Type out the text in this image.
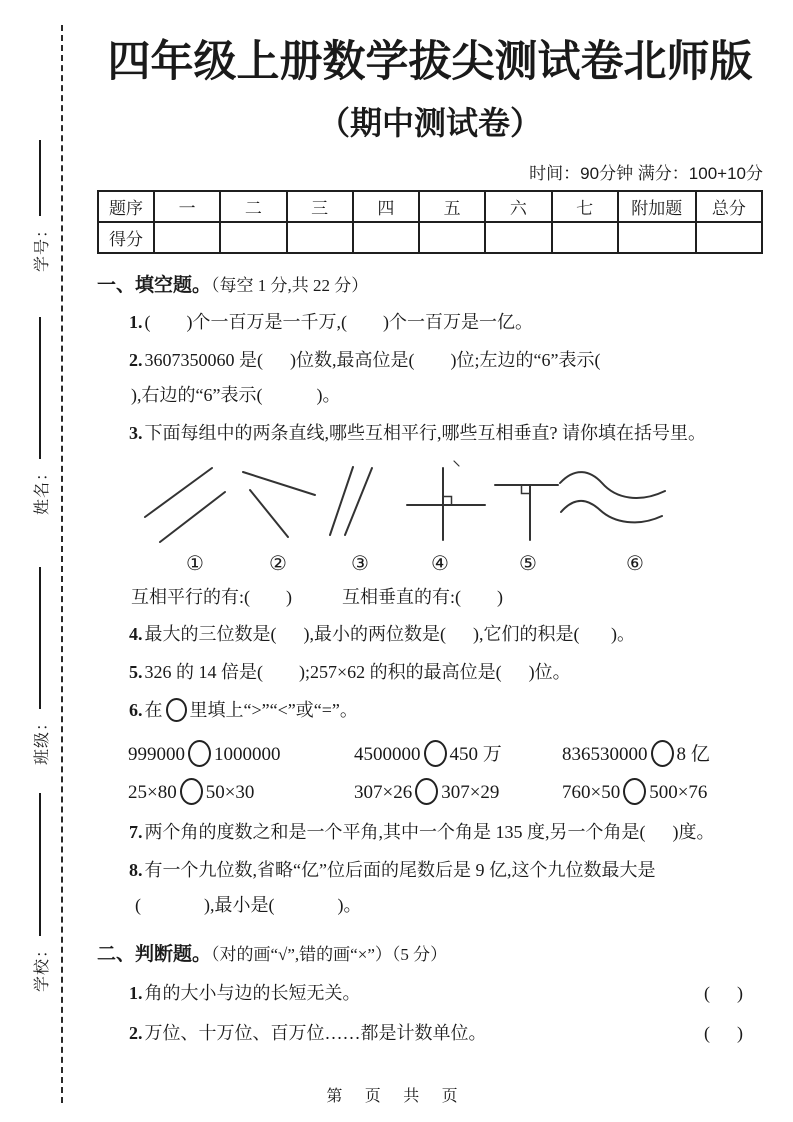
学号：
姓名：
班级：
学校：
四年级上册数学拔尖测试卷北师版
（期中测试卷）
时间：90分钟 满分：100+10分
题序	一	二	三	四	五	六	七	附加题	总分
得分									
一、填空题。（每空 1 分,共 22 分）
1. (        )个一百万是一千万,(        )个一百万是一亿。
2. 3607350060 是(      )位数,最高位是(        )位;左边的“6”表示(
),右边的“6”表示(            )。
3. 下面每组中的两条直线,哪些互相平行,哪些互相垂直? 请你填在括号里。
①	②	③	④	⑤	⑥
互相平行的有:(        )	互相垂直的有:(        )
4. 最大的三位数是(      ),最小的两位数是(      ),它们的积是(       )。
5. 326 的 14 倍是(        );257×62 的积的最高位是(      )位。
6. 在 里填上“>”“<”或“=”。
999000 1000000	4500000 450 万	836530000 8 亿
25×80 50×30	307×26 307×29	760×50 500×76
7. 两个角的度数之和是一个平角,其中一个角是 135 度,另一个角是(      )度。
8. 有一个九位数,省略“亿”位后面的尾数后是 9 亿,这个九位数最大是
(              ),最小是(              )。
二、判断题。（对的画“√”,错的画“×”）（5 分）
1. 角的大小与边的长短无关。	(      )
2. 万位、十万位、百万位……都是计数单位。	(      )
第 页 共 页
